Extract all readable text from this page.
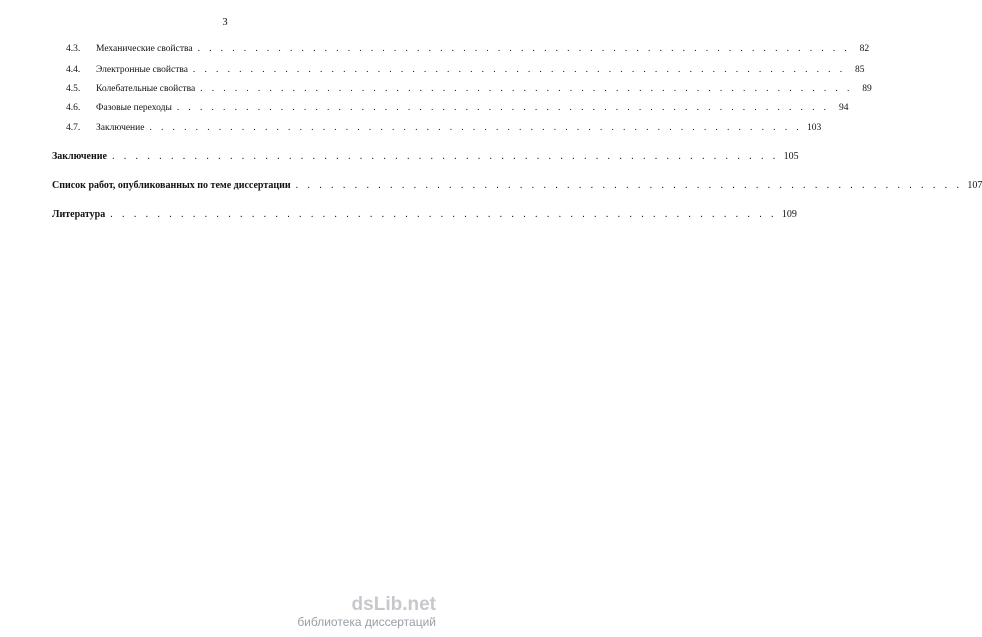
3
4.3.	Механические свойства . . . . . . . . . . . . . . . . . . . . . . . . . . . . . . . . . . . . . . . . . . . . . . . . . . . . . . . . .	82
4.4.	Электронные свойства . . . . . . . . . . . . . . . . . . . . . . . . . . . . . . . . . . . . . . . . . . . . . . . . . . . . . . . . .	85
4.5.	Колебательные свойства . . . . . . . . . . . . . . . . . . . . . . . . . . . . . . . . . . . . . . . . . . . . . . . . . . . . . . . . .	89
4.6.	Фазовые переходы . . . . . . . . . . . . . . . . . . . . . . . . . . . . . . . . . . . . . . . . . . . . . . . . . . . . . . . . .	94
4.7.	Заключение . . . . . . . . . . . . . . . . . . . . . . . . . . . . . . . . . . . . . . . . . . . . . . . . . . . . . . . . . 103
Заключение . . . . . . . . . . . . . . . . . . . . . . . . . . . . . . . . . . . . . . . . . . . . . . . . . . . . . . . . . 105
Список работ, опубликованных по теме диссертации . . . . . . . . . . . . . . . . . . . . . . . . . . . . . . . . . . . . . . . . . . . . . . . . . . . . . . . . . 107
Литература . . . . . . . . . . . . . . . . . . . . . . . . . . . . . . . . . . . . . . . . . . . . . . . . . . . . . . . . . 109
dsLib.net
библиотека диссертаций
